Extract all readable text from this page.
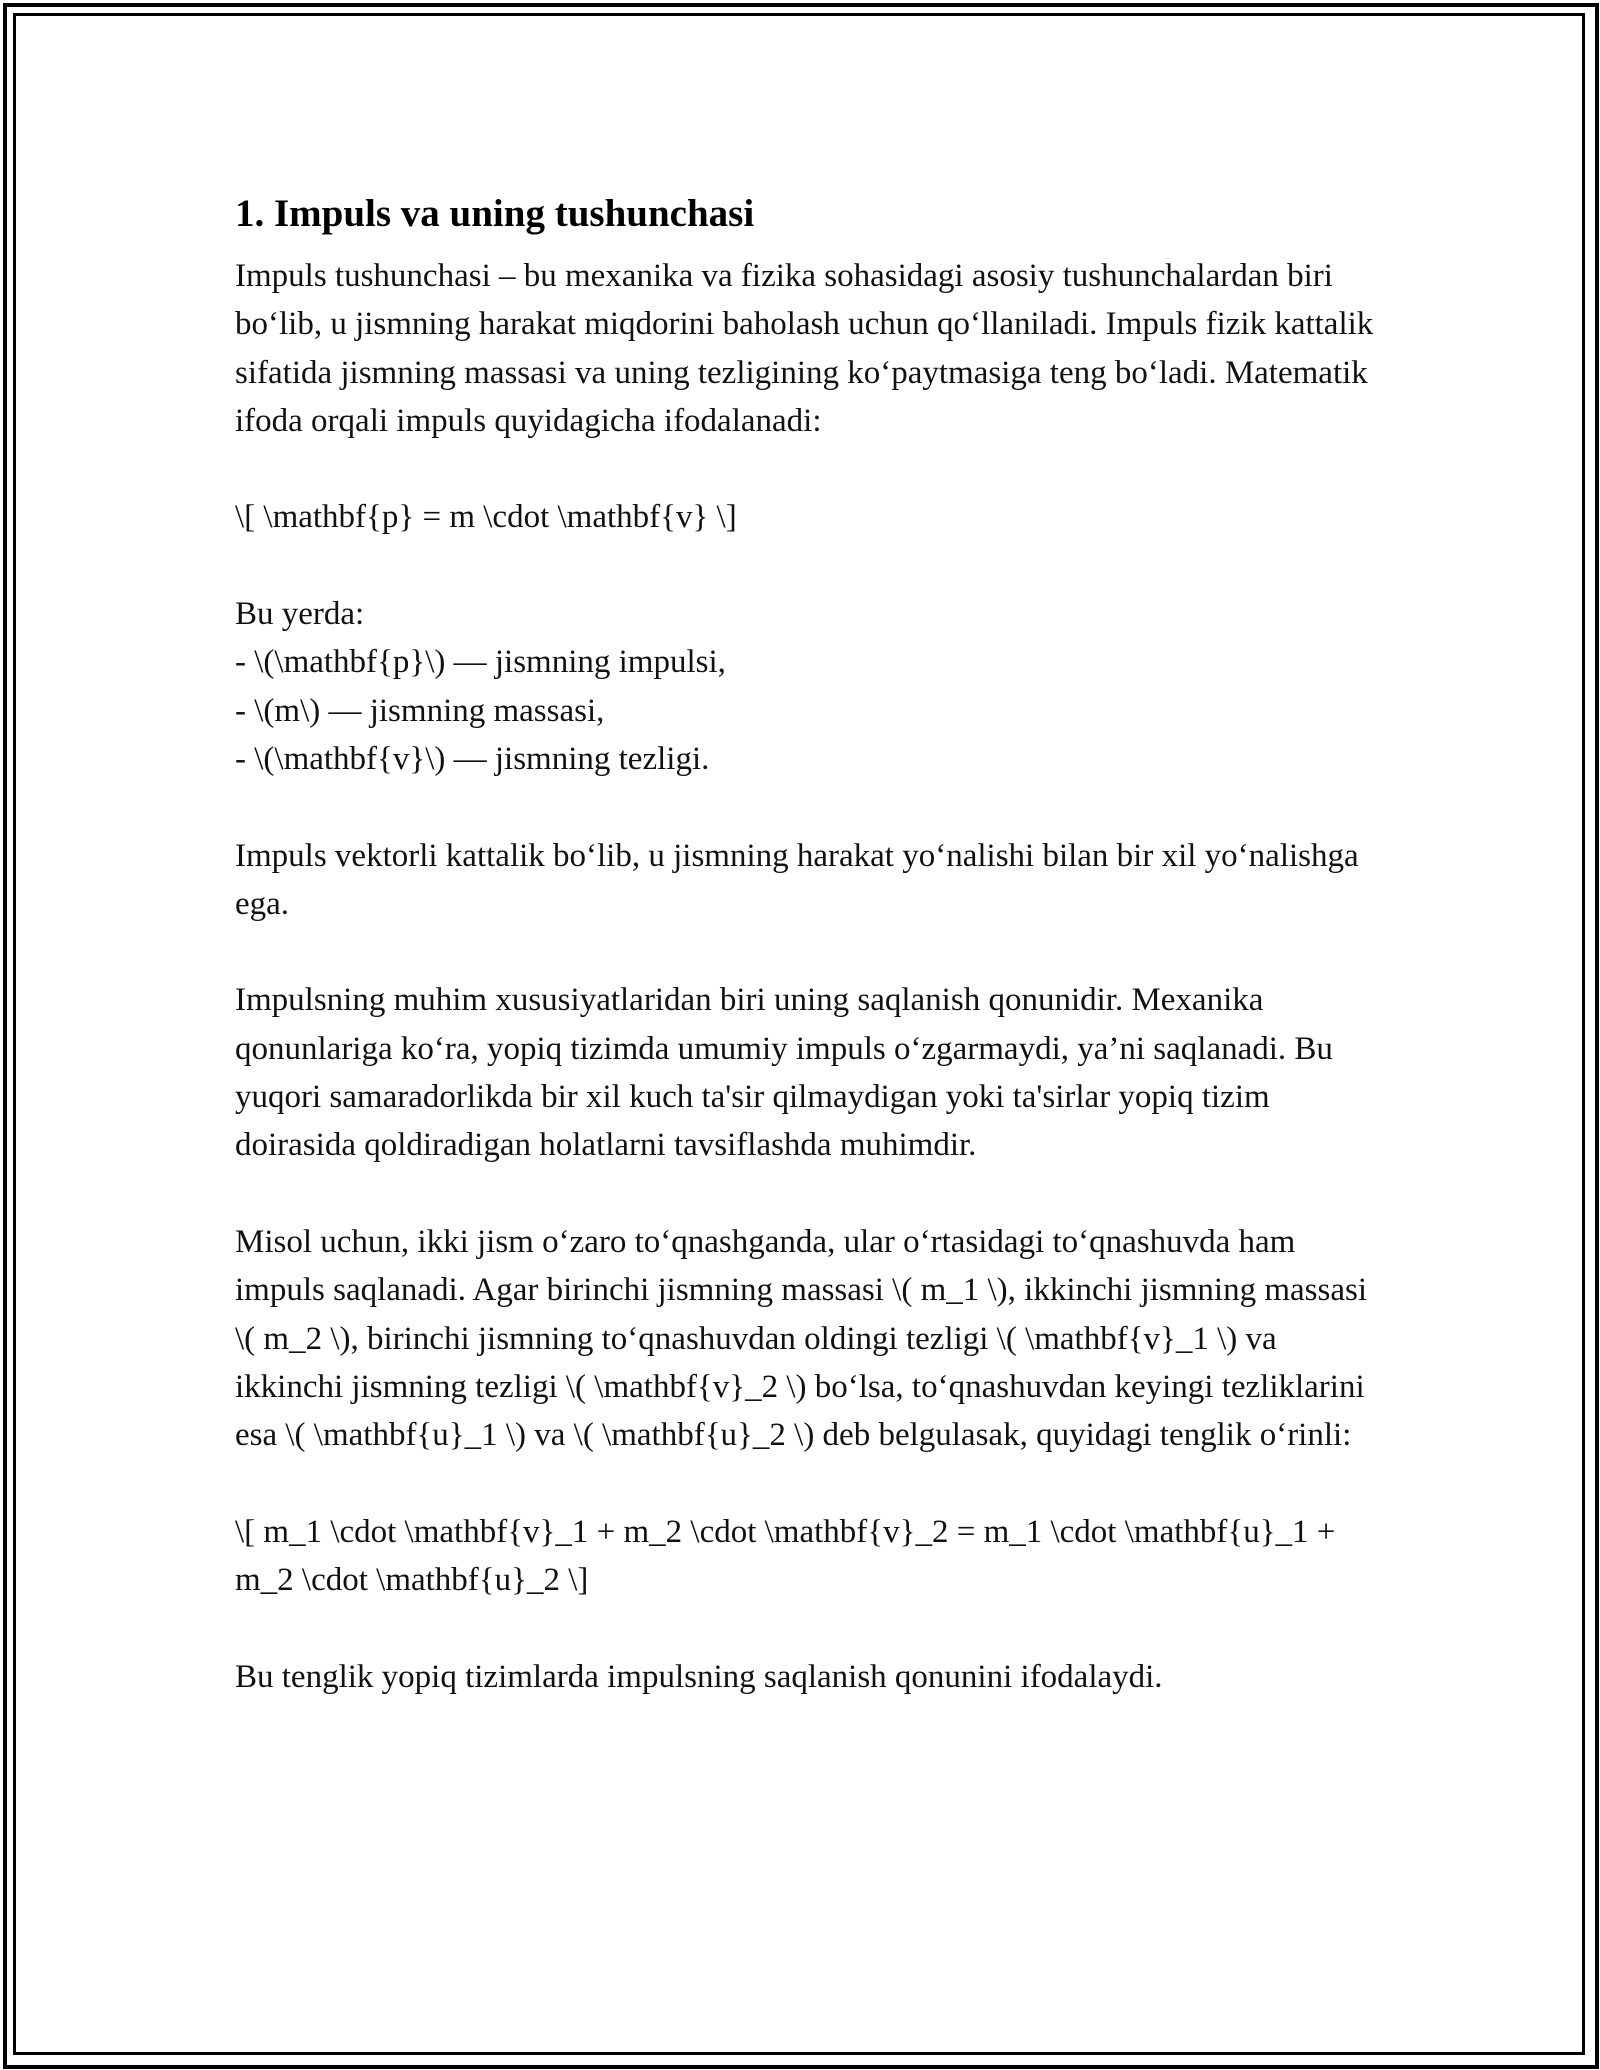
1. Impuls va uning tushunchasi

Impuls tushunchasi – bu mexanika va fizika sohasidagi asosiy tushunchalardan biri bo‘lib, u jismning harakat miqdorini baholash uchun qo‘llaniladi. Impuls fizik kattalik sifatida jismning massasi va uning tezligining ko‘paytmasiga teng bo‘ladi. Matematik ifoda orqali impuls quyidagicha ifodalanadi:

\[ \mathbf{p} = m \cdot \mathbf{v} \]

Bu yerda:
- \(\mathbf{p}\) — jismning impulsi,
- \(m\) — jismning massasi,
- \(\mathbf{v}\) — jismning tezligi.

Impuls vektorli kattalik bo‘lib, u jismning harakat yo‘nalishi bilan bir xil yo‘nalishga ega.

Impulsning muhim xususiyatlaridan biri uning saqlanish qonunidir. Mexanika qonunlariga ko‘ra, yopiq tizimda umumiy impuls o‘zgarmaydi, ya’ni saqlanadi. Bu yuqori samaradorlikda bir xil kuch ta'sir qilmaydigan yoki ta'sirlar yopiq tizim doirasida qoldiradigan holatlarni tavsiflashda muhimdir.

Misol uchun, ikki jism o‘zaro to‘qnashganda, ular o‘rtasidagi to‘qnashuvda ham impuls saqlanadi. Agar birinchi jismning massasi \( m_1 \), ikkinchi jismning massasi \( m_2 \), birinchi jismning to‘qnashuvdan oldingi tezligi \( \mathbf{v}_1 \) va ikkinchi jismning tezligi \( \mathbf{v}_2 \) bo‘lsa, to‘qnashuvdan keyingi tezliklarini esa \( \mathbf{u}_1 \) va \( \mathbf{u}_2 \) deb belgulasak, quyidagi tenglik o‘rinli:

\[ m_1 \cdot \mathbf{v}_1 + m_2 \cdot \mathbf{v}_2 = m_1 \cdot \mathbf{u}_1 + m_2 \cdot \mathbf{u}_2 \]

Bu tenglik yopiq tizimlarda impulsning saqlanish qonunini ifodalaydi.
